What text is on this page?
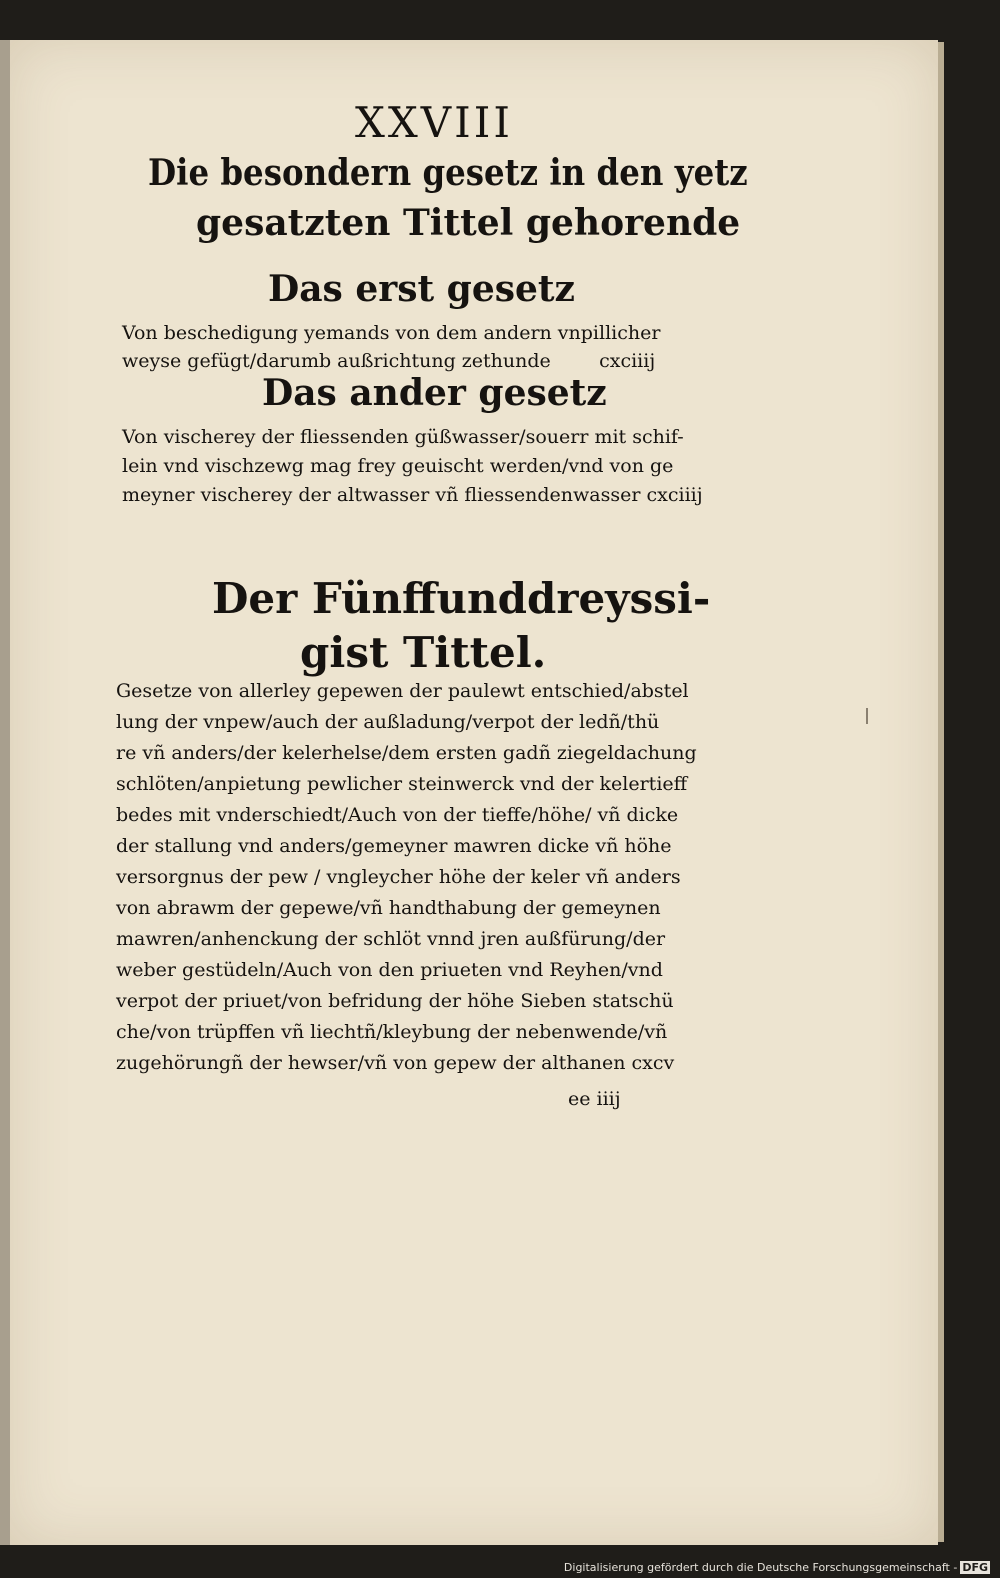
XXVIII
Die besondern gesetz in den yetz
gesatzten Tittel gehorende
Das erst gesetz
Von beschedigung yemands von dem andern vnpillicher
weyse gefügt/darumb außrichtung zethunde        cxciiij
Das ander gesetz
Von vischerey der fliessenden güßwasser/souerr mit schif-
lein vnd vischzewg mag frey geuischt werden/vnd von ge
meyner vischerey der altwasser vñ fliessendenwasser cxciiij
Der Fünffunddreyssi-
gist Tittel.
Gesetze von allerley gepewen der paulewt entschied/abstel
lung der vnpew/auch der außladung/verpot der ledñ/thü
re vñ anders/der kelerhelse/dem ersten gadñ ziegeldachung
schlöten/anpietung pewlicher steinwerck vnd der kelertieff
bedes mit vnderschiedt/Auch von der tieffe/höhe/ vñ dicke
der stallung vnd anders/gemeyner mawren dicke vñ höhe
versorgnus der pew / vngleycher höhe der keler vñ anders
von abrawm der gepewe/vñ handthabung der gemeynen
mawren/anhenckung der schlöt vnnd jren außfürung/der
weber gestüdeln/Auch von den priueten vnd Reyhen/vnd
verpot der priuet/von befridung der höhe Sieben statschü
che/von trüpffen vñ liechtñ/kleybung der nebenwende/vñ
zugehörungñ der hewser/vñ von gepew der althanen cxcv
ee iiij
Digitalisierung gefördert durch die Deutsche Forschungsgemeinschaft - DFG
